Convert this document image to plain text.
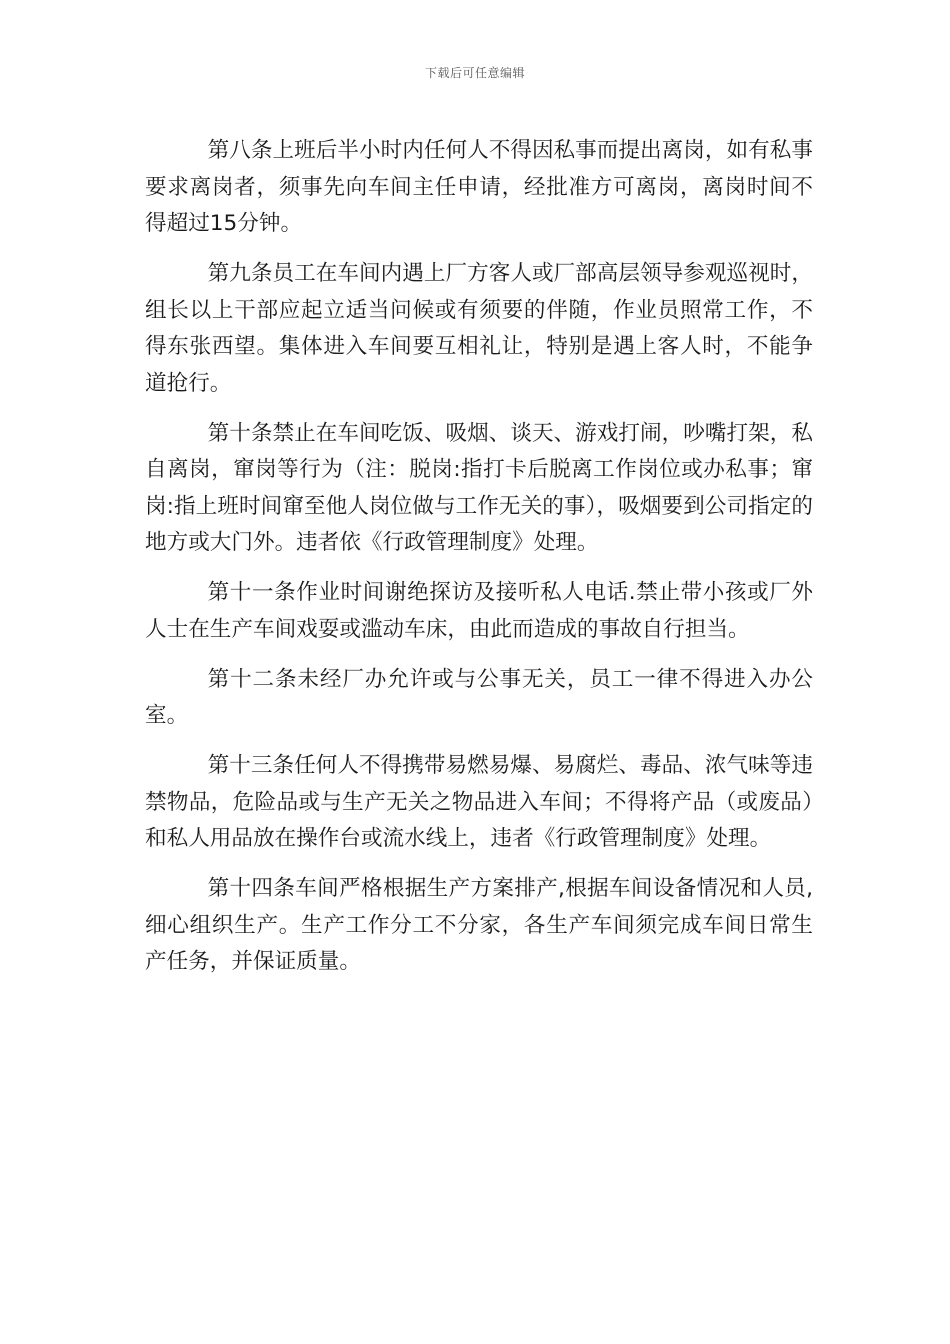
下载后可任意编辑

第八条上班后半小时内任何人不得因私事而提出离岗，如有私事要求离岗者，须事先向车间主任申请，经批准方可离岗，离岗时间不得超过15分钟。

第九条员工在车间内遇上厂方客人或厂部高层领导参观巡视时，组长以上干部应起立适当问候或有须要的伴随，作业员照常工作，不得东张西望。集体进入车间要互相礼让，特别是遇上客人时，不能争道抢行。

第十条禁止在车间吃饭、吸烟、谈天、游戏打闹，吵嘴打架，私自离岗，窜岗等行为（注：脱岗:指打卡后脱离工作岗位或办私事；窜岗:指上班时间窜至他人岗位做与工作无关的事），吸烟要到公司指定的地方或大门外。违者依《行政管理制度》处理。

第十一条作业时间谢绝探访及接听私人电话.禁止带小孩或厂外人士在生产车间戏耍或滥动车床，由此而造成的事故自行担当。

第十二条未经厂办允许或与公事无关，员工一律不得进入办公室。

第十三条任何人不得携带易燃易爆、易腐烂、毒品、浓气味等违禁物品，危险品或与生产无关之物品进入车间；不得将产品（或废品）和私人用品放在操作台或流水线上，违者《行政管理制度》处理。

第十四条车间严格根据生产方案排产,根据车间设备情况和人员,细心组织生产。生产工作分工不分家，各生产车间须完成车间日常生产任务，并保证质量。
